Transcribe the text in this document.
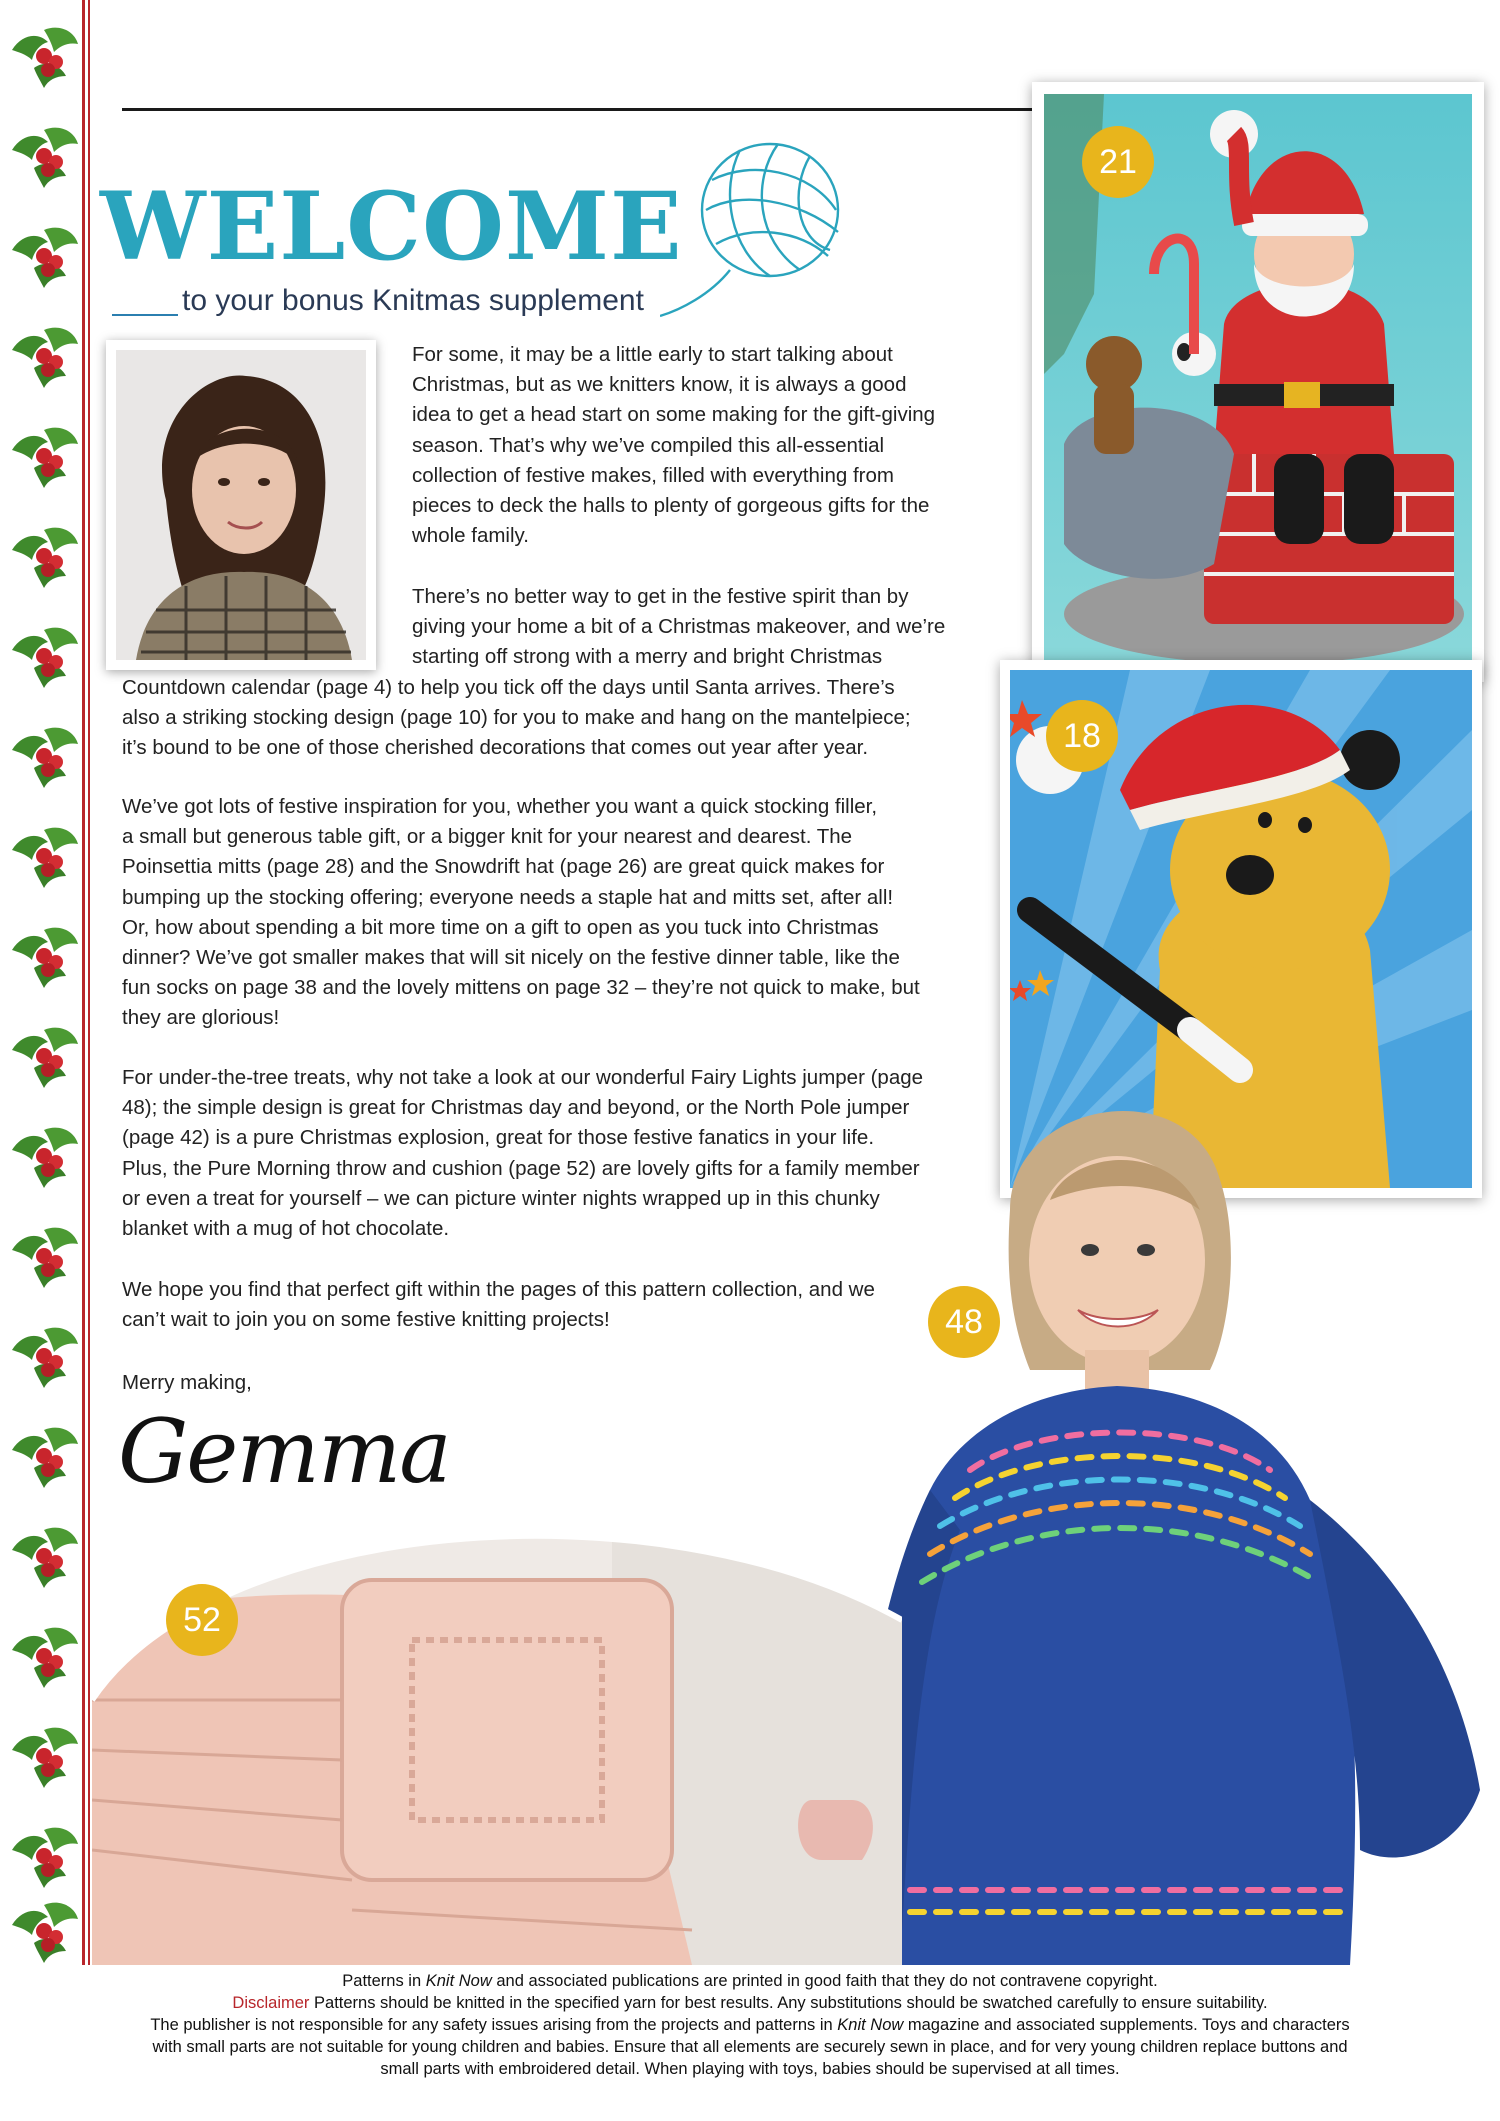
WELCOME
to your bonus Knitmas supplement
For some, it may be a little early to start talking about
Christmas, but as we knitters know, it is always a good
idea to get a head start on some making for the gift-giving
season. That’s why we’ve compiled this all-essential
collection of festive makes, filled with everything from
pieces to deck the halls to plenty of gorgeous gifts for the
whole family.
There’s no better way to get in the festive spirit than by
giving your home a bit of a Christmas makeover, and we’re
starting off strong with a merry and bright Christmas
Countdown calendar (page 4) to help you tick off the days until Santa arrives. There’s
also a striking stocking design (page 10) for you to make and hang on the mantelpiece;
it’s bound to be one of those cherished decorations that comes out year after year.
We’ve got lots of festive inspiration for you, whether you want a quick stocking filler,
a small but generous table gift, or a bigger knit for your nearest and dearest. The
Poinsettia mitts (page 28) and the Snowdrift hat (page 26) are great quick makes for
bumping up the stocking offering; everyone needs a staple hat and mitts set, after all!
Or, how about spending a bit more time on a gift to open as you tuck into Christmas
dinner? We’ve got smaller makes that will sit nicely on the festive dinner table, like the
fun socks on page 38 and the lovely mittens on page 32 – they’re not quick to make, but
they are glorious!
For under-the-tree treats, why not take a look at our wonderful Fairy Lights jumper (page
48); the simple design is great for Christmas day and beyond, or the North Pole jumper
(page 42) is a pure Christmas explosion, great for those festive fanatics in your life.
Plus, the Pure Morning throw and cushion (page 52) are lovely gifts for a family member
or even a treat for yourself – we can picture winter nights wrapped up in this chunky
blanket with a mug of hot chocolate.
We hope you find that perfect gift within the pages of this pattern collection, and we
can’t wait to join you on some festive knitting projects!
Merry making,
Gemma
21
18
48
52
Patterns in Knit Now and associated publications are printed in good faith that they do not contravene copyright.
Disclaimer Patterns should be knitted in the specified yarn for best results. Any substitutions should be swatched carefully to ensure suitability.
The publisher is not responsible for any safety issues arising from the projects and patterns in Knit Now magazine and associated supplements. Toys and characters
with small parts are not suitable for young children and babies. Ensure that all elements are securely sewn in place, and for very young children replace buttons and
small parts with embroidered detail. When playing with toys, babies should be supervised at all times.
